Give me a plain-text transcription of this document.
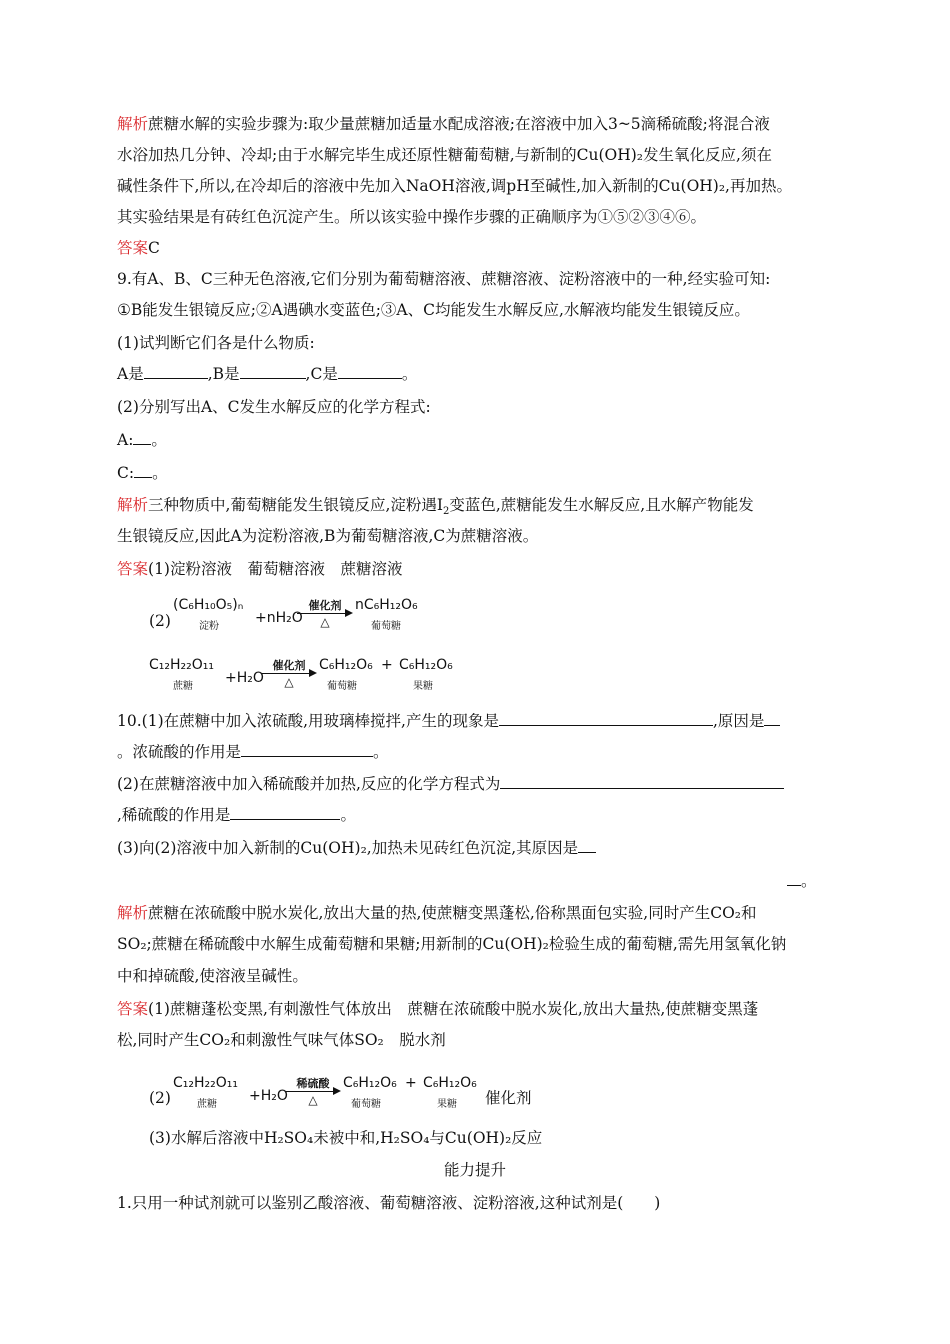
解析蔗糖水解的实验步骤为:取少量蔗糖加适量水配成溶液;在溶液中加入3~5滴稀硫酸;将混合液
水浴加热几分钟、冷却;由于水解完毕生成还原性糖葡萄糖,与新制的Cu(OH)₂发生氧化反应,须在
碱性条件下,所以,在冷却后的溶液中先加入NaOH溶液,调pH至碱性,加入新制的Cu(OH)₂,再加热。
其实验结果是有砖红色沉淀产生。所以该实验中操作步骤的正确顺序为①⑤②③④⑥。
答案C
9.有A、B、C三种无色溶液,它们分别为葡萄糖溶液、蔗糖溶液、淀粉溶液中的一种,经实验可知:
①B能发生银镜反应;②A遇碘水变蓝色;③A、C均能发生水解反应,水解液均能发生银镜反应。
(1)试判断它们各是什么物质:
A是	,B是	,C是	。
(2)分别写出A、C发生水解反应的化学方程式:
A: 。
C: 。
解析三种物质中,葡萄糖能发生银镜反应,淀粉遇$I_2$变蓝色,蔗糖能发生水解反应,且水解产物能发
生银镜反应,因此A为淀粉溶液,B为葡萄糖溶液,C为蔗糖溶液。
答案(1)淀粉溶液　葡萄糖溶液　蔗糖溶液
(2)
(C₆H₁₀O₅)ₙ
淀粉
+nH₂O
催化剂
△
nC₆H₁₂O₆
葡萄糖
C₁₂H₂₂O₁₁
蔗糖
+H₂O
催化剂
△
C₆H₁₂O₆
葡萄糖
+ C₆H₁₂O₆
果糖
10.(1)在蔗糖中加入浓硫酸,用玻璃棒搅拌,产生的现象是	,原因是
。浓硫酸的作用是	。
(2)在蔗糖溶液中加入稀硫酸并加热,反应的化学方程式为
,稀硫酸的作用是	。
(3)向(2)溶液中加入新制的Cu(OH)₂,加热未见砖红色沉淀,其原因是
。
解析蔗糖在浓硫酸中脱水炭化,放出大量的热,使蔗糖变黑蓬松,俗称黑面包实验,同时产生CO₂和
SO₂;蔗糖在稀硫酸中水解生成葡萄糖和果糖;用新制的Cu(OH)₂检验生成的葡萄糖,需先用氢氧化钠
中和掉硫酸,使溶液呈碱性。
答案(1)蔗糖蓬松变黑,有刺激性气体放出　蔗糖在浓硫酸中脱水炭化,放出大量热,使蔗糖变黑蓬
松,同时产生CO₂和刺激性气味气体SO₂　脱水剂
(2)
C₁₂H₂₂O₁₁
蔗糖
+H₂O
稀硫酸
△
C₆H₁₂O₆
葡萄糖
+ C₆H₁₂O₆
果糖 催化剂
(3)水解后溶液中H₂SO₄未被中和,H₂SO₄与Cu(OH)₂反应
能力提升
1.只用一种试剂就可以鉴别乙酸溶液、葡萄糖溶液、淀粉溶液,这种试剂是(　　)
